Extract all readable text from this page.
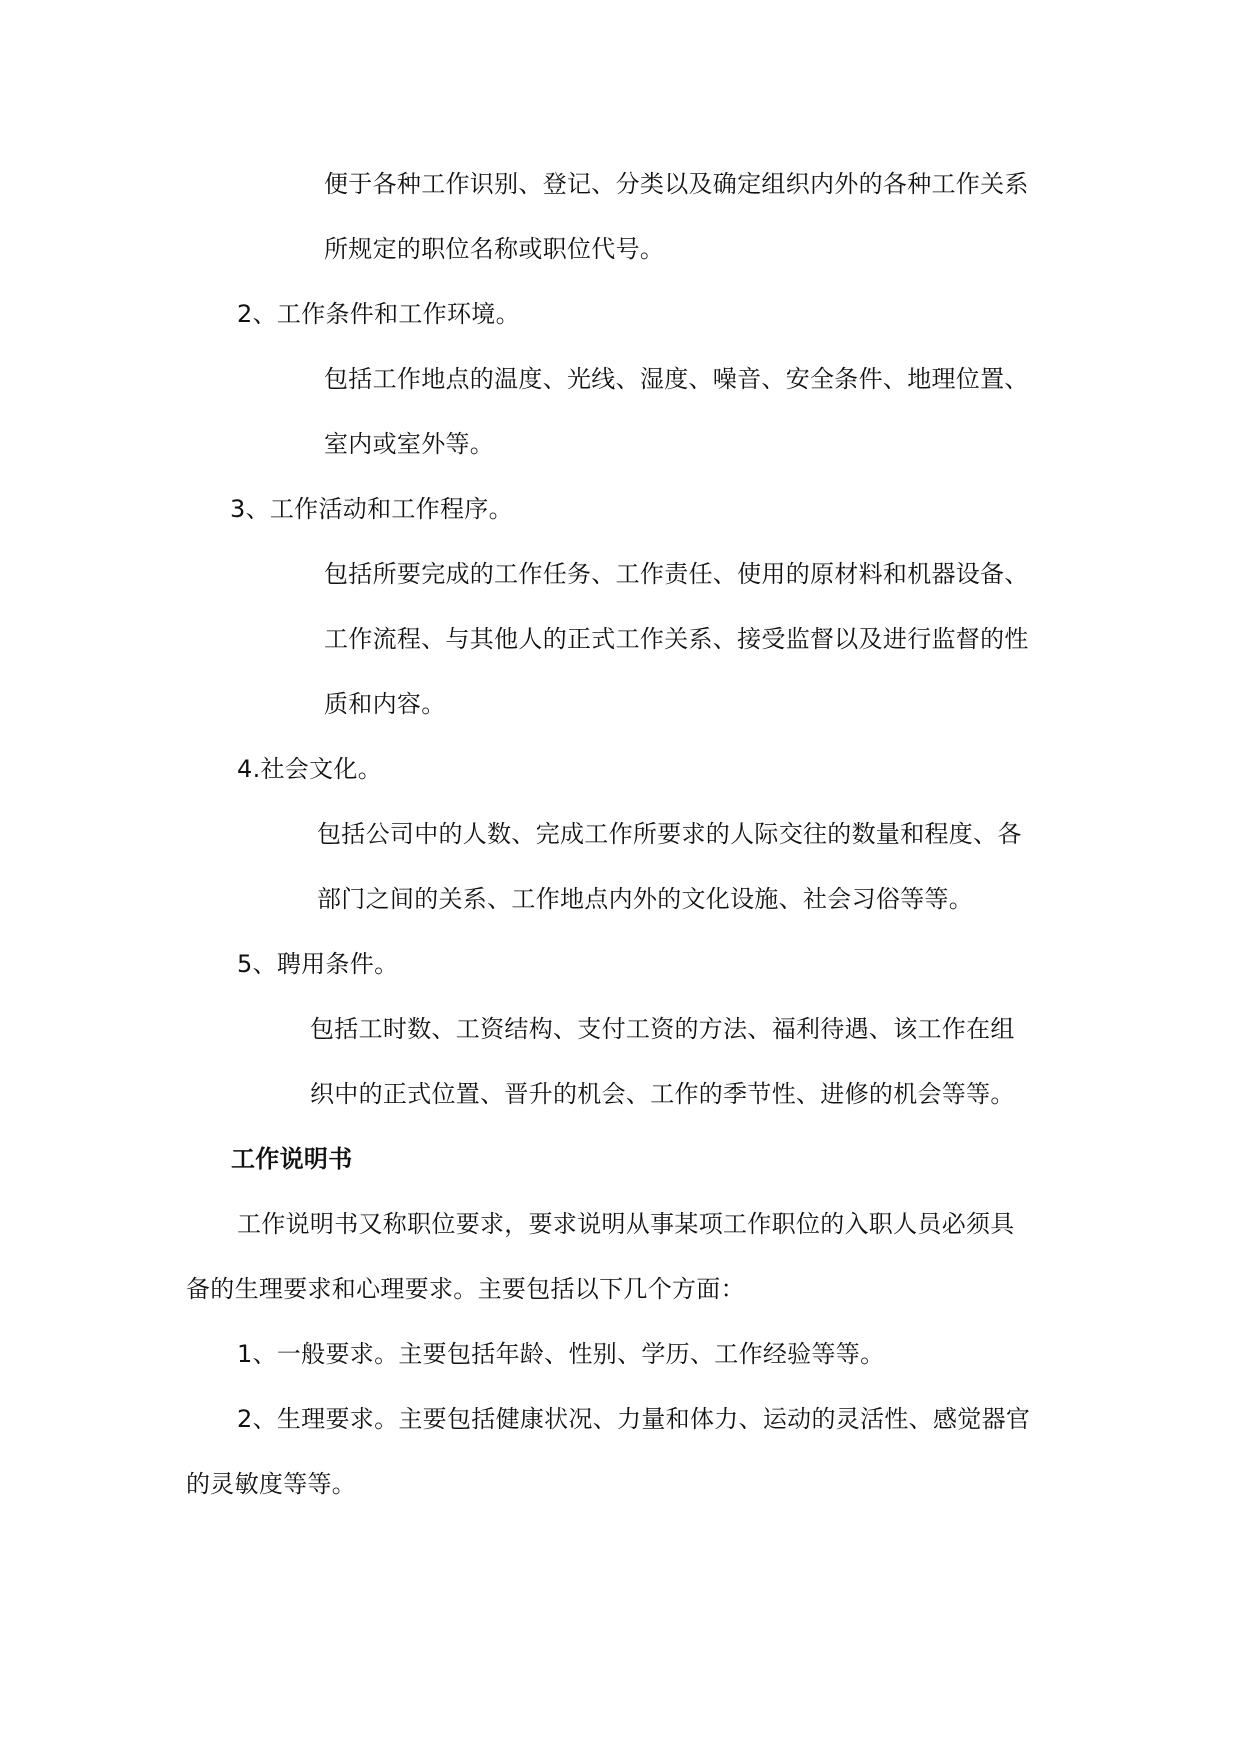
便于各种工作识别、登记、分类以及确定组织内外的各种工作关系
所规定的职位名称或职位代号。
2、工作条件和工作环境。
包括工作地点的温度、光线、湿度、噪音、安全条件、地理位置、
室内或室外等。
3、工作活动和工作程序。
包括所要完成的工作任务、工作责任、使用的原材料和机器设备、
工作流程、与其他人的正式工作关系、接受监督以及进行监督的性
质和内容。
4.社会文化。
包括公司中的人数、完成工作所要求的人际交往的数量和程度、各
部门之间的关系、工作地点内外的文化设施、社会习俗等等。
5、聘用条件。
包括工时数、工资结构、支付工资的方法、福利待遇、该工作在组
织中的正式位置、晋升的机会、工作的季节性、进修的机会等等。
工作说明书
工作说明书又称职位要求，要求说明从事某项工作职位的入职人员必须具
备的生理要求和心理要求。主要包括以下几个方面：
1、一般要求。主要包括年龄、性别、学历、工作经验等等。
2、生理要求。主要包括健康状况、力量和体力、运动的灵活性、感觉器官
的灵敏度等等。
